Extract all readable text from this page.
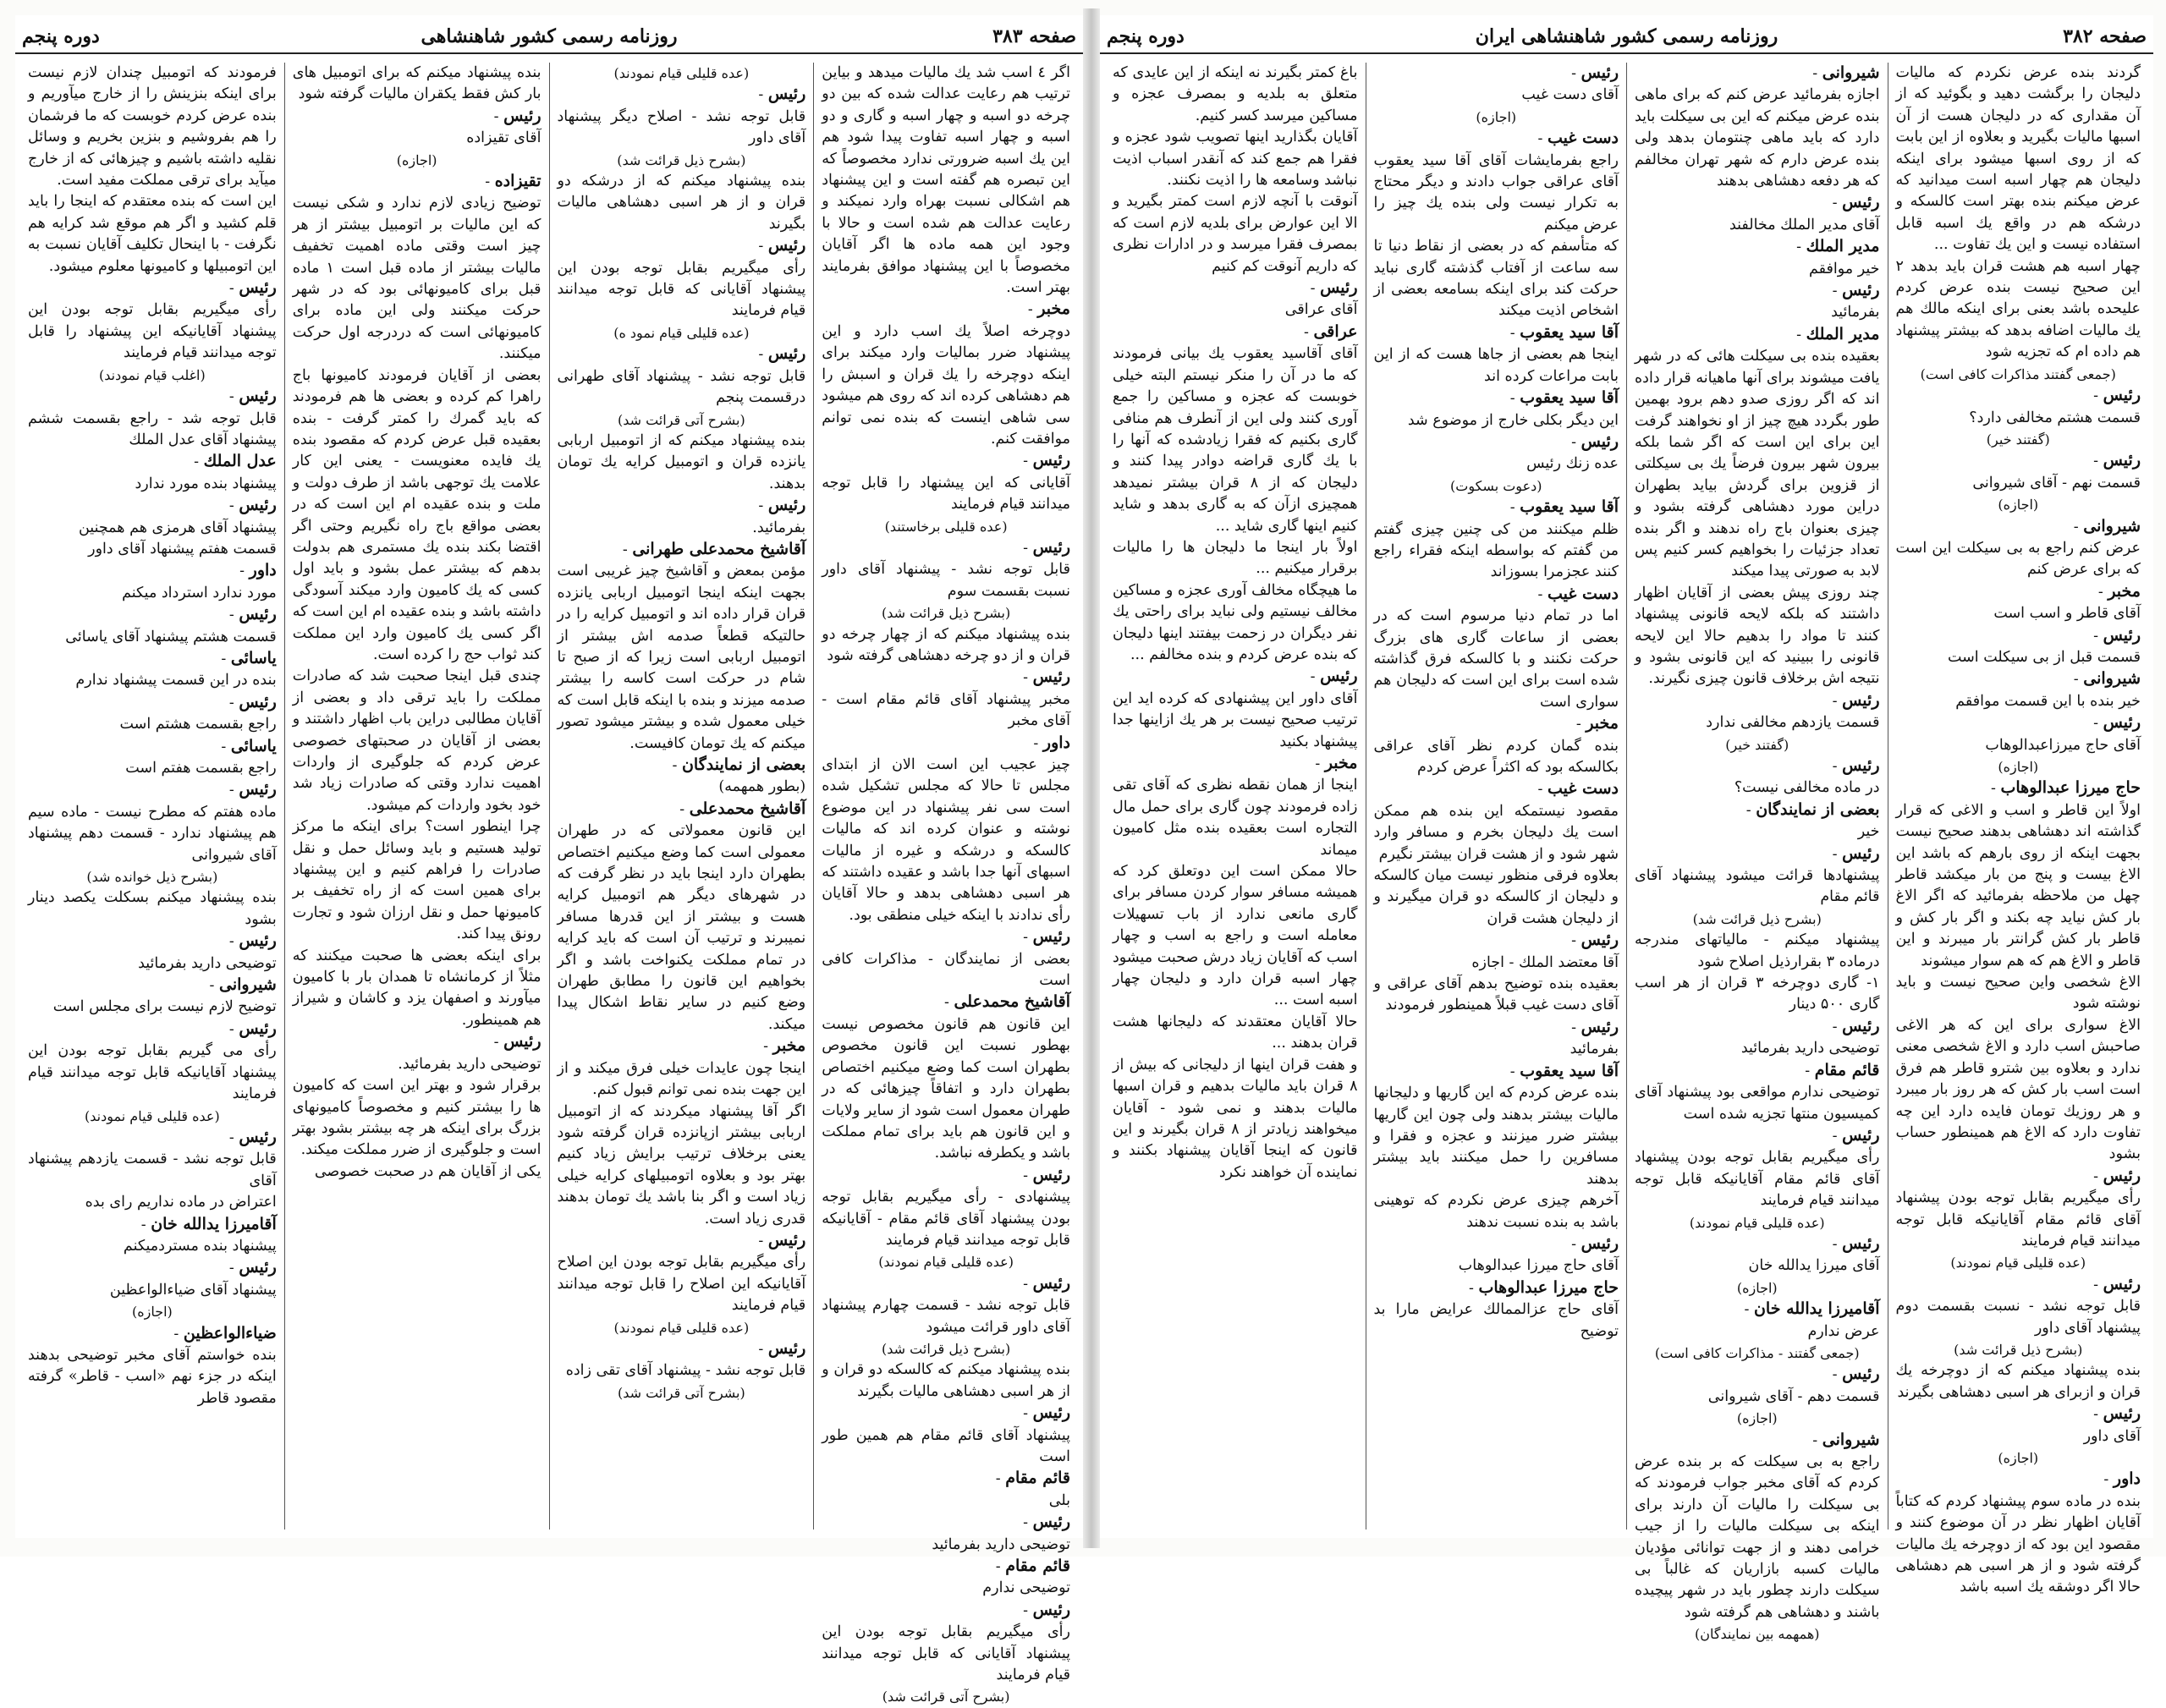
صفحه ۳۸۳
روزنامه رسمی کشور شاهنشاهی
دوره پنجم

اگر ٤ اسب شد یك مالیات میدهد و بیاین ترتیب هم رعایت عدالت شده که بین دو چرخه دو اسبه و چهار اسبه و گاری و دو اسبه و چهار اسبه تفاوت پیدا شود هم این یك اسبه ضرورتی ندارد مخصوصاً که این تبصره هم گفته است و این پیشنهاد هم اشکالی نسبت بهراه وارد نمیکند و رعایت عدالت هم شده است و حالا با وجود این همه ماده ها اگر آقایان مخصوصاً با این پیشنهاد موافق بفرمایند بهتر است.

مخبر -

دوچرخه اصلاً یك اسب دارد و این پیشنهاد ضرر بمالیات وارد میکند برای اینکه دوچرخه را یك قران و اسبش را هم دهشاهی کرده اند که روی هم میشود سی شاهی اینست که بنده نمی توانم موافقت کنم.

رئیس -

آقایانی که این پیشنهاد را قابل توجه میدانند قیام فرمایند

(عده قلیلی برخاستند)
رئیس -

قابل توجه نشد - پیشنهاد آقای داور نسبت بقسمت سوم

(بشرح ذیل قرائت شد)

بنده پیشنهاد میکنم که از چهار چرخه دو قران و از دو چرخه دهشاهی گرفته شود

رئیس -

مخبر پیشنهاد آقای قائم مقام است - آقای مخبر

داور -

چیز عجیب این است الان از ابتدای مجلس تا حالا که مجلس تشکیل شده است سی نفر پیشنهاد در این موضوع نوشته و عنوان کرده اند که مالیات کالسکه و درشکه و غیره از مالیات اسبهای آنها جدا باشد و عقیده داشتند که هر اسبی دهشاهی بدهد و حالا آقایان رأی ندادند با اینکه خیلی منطقی بود.

رئیس -

بعضی از نمایندگان - مذاکرات کافی است

آقاشیخ محمدعلی -

این قانون هم قانون مخصوص نیست بهطور نسبت این قانون مخصوص بطهران است کما وضع میکنیم اختصاص بطهران دارد و اتفاقاً چیزهائی که در طهران معمول است شود از سایر ولایات و این قانون هم باید برای تمام مملکت باشد و یکطرفه نباشد.

رئیس -

پیشنهادی - رأی میگیریم بقابل توجه بودن پیشنهاد آقای قائم مقام - آقایانیکه قابل توجه میدانند قیام فرمایند

(عده قلیلی قیام نمودند)
رئیس -

قابل توجه نشد - قسمت چهارم پیشنهاد آقای داور قرائت میشود

(بشرح ذیل قرائت شد)

بنده پیشنهاد میکنم که کالسکه دو قران و از هر اسبی دهشاهی مالیات بگیرند

رئیس -

پیشنهاد آقای قائم مقام هم همین طور است

قائم مقام -

بلی

رئیس -

توضیحی دارید بفرمائید

قائم مقام -

توضیحی ندارم

رئیس -

رأی میگیریم بقابل توجه بودن این پیشنهاد آقایانی که قابل توجه میدانند قیام فرمایند

(بشرح آتی قرائت شد)
(عده قلیلی قیام نمودند)
رئیس -

قابل توجه نشد - اصلاح دیگر پیشنهاد آقای داور

(بشرح ذیل قرائت شد)

بنده پیشنهاد میکنم که از درشکه دو قران و از هر اسبی دهشاهی مالیات بگیرند

رئیس -

رأی میگیریم بقابل توجه بودن این پیشنهاد آقایانی که قابل توجه میدانند قیام فرمایند

(عده قلیلی قیام نمود ه)
رئیس -

قابل توجه نشد - پیشنهاد آقای طهرانی درقسمت پنجم

(بشرح آتی قرائت شد)

بنده پیشنهاد میکنم که از اتومبیل اربابی یانزده قران و اتومبیل کرایه یك تومان بدهند.

رئیس -

بفرمائید.

آقاشیخ محمدعلی طهرانی -

مؤمن بمعض و آقاشیخ چیز غریبی است بجهت اینکه اینجا اتومبیل اربابی یانزده قران قرار داده اند و اتومبیل کرایه را در حالتیکه قطعاً صدمه اش بیشتر از اتومبیل اربابی است زیرا که از صبح تا شام در حرکت است کاسه را بیشتر صدمه میزند و بنده با اینکه قابل است که خیلی معمول شده و بیشتر میشود تصور میکنم که یك تومان کافیست.

بعضی از نمایندگان -

(بطور همهمه)

آقاشیخ محمدعلی -

این قانون معمولاتی که در طهران معمولی است کما وضع میکنیم اختصاص بطهران دارد اینجا باید در نظر گرفت که در شهرهای دیگر هم اتومبیل کرایه هست و بیشتر از این قدرها مسافر نمیبرند و ترتیب آن است که باید کرایه در تمام مملکت یکنواخت باشد و اگر بخواهیم این قانون را مطابق طهران وضع کنیم در سایر نقاط اشکال پیدا میکند.

مخبر -

اینجا چون عایدات خیلی فرق میکند و از این جهت بنده نمی توانم قبول کنم.

اگر آقا پیشنهاد میکردند که از اتومبیل اربابی بیشتر ازپانزده قران گرفته شود یعنی برخلاف ترتیب برایش زیاد کنیم بهتر بود و بعلاوه اتومبیلهای کرایه خیلی زیاد است و اگر بنا باشد یك تومان بدهند قدری زیاد است.

رئیس -

رأی میگیریم بقابل توجه بودن این اصلاح آقایانیکه این اصلاح را قابل توجه میدانند قیام فرمایند

(عده قلیلی قیام نمودند)
رئیس -

قابل توجه نشد - پیشنهاد آقای تقی زاده

(بشرح آتی قرائت شد)

بنده پیشنهاد میکنم که برای اتومبیل های بار کش فقط یکقران مالیات گرفته شود

رئیس -

آقای تقیزاده

(اجازه)
تقیزاده -

توضیح زیادی لازم ندارد و شکی نیست که این مالیات بر اتومبیل بیشتر از هر چیز است وقتی ماده اهمیت تخفیف مالیات بیشتر از ماده قبل است ۱ ماده قبل برای کامیونهائی بود که در شهر حرکت میکنند ولی این ماده برای کامیونهائی است که دردرجه اول حرکت میکنند.

بعضی از آقایان فرمودند کامیونها باج راهرا کم کرده و بعضی ها هم فرمودند که باید گمرك را کمتر گرفت - بنده بعقیده قبل عرض کردم که مقصود بنده یك فایده معنویست - یعنی این کار علامت یك توجهی باشد از طرف دولت و ملت و بنده عقیده ام این است که در بعضی مواقع باج راه نگیریم وحتی اگر اقتضا بکند بنده یك مستمری هم بدولت بدهم که بیشتر عمل بشود و باید اول کسی که یك کامیون وارد میکند آسودگی داشته باشد و بنده عقیده ام این است که اگر کسی یك کامیون وارد این مملکت کند ثواب حج را کرده است.

چندی قبل اینجا صحبت شد که صادرات مملکت را باید ترقی داد و بعضی از آقایان مطالبی دراین باب اظهار داشتند و بعضی از آقایان در صحبتهای خصوصی عرض کردم که جلوگیری از واردات اهمیت ندارد وقتی که صادرات زیاد شد خود بخود واردات کم میشود.

چرا اینطور است؟ برای اینکه ما مرکز تولید هستیم و باید وسائل حمل و نقل صادرات را فراهم کنیم و این پیشنهاد برای همین است که از راه تخفیف بر کامیونها حمل و نقل ارزان شود و تجارت رونق پیدا کند.

برای اینکه بعضی ها صحبت میکنند که مثلاً از کرمانشاه تا همدان بار با کامیون میآورند و اصفهان یزد و کاشان و شیراز هم همینطور.

رئیس -

توضیحی دارید بفرمائید.

برقرار شود و بهتر این است که کامیون ها را بیشتر کنیم و مخصوصاً کامیونهای بزرگ برای اینکه هر چه بیشتر بشود بهتر است و جلوگیری از ضرر مملکت میکند.

یکی از آقایان هم در صحبت خصوصی

فرمودند که اتومبیل چندان لازم نیست برای اینکه بنزینش را از خارج میآوریم و بنده عرض کردم خوبست که ما فرشمان را هم بفروشیم و بنزین بخریم و وسائل نقلیه داشته باشیم و چیزهائی که از خارج میآید برای ترقی مملکت مفید است.

این است که بنده معتقدم که اینجا را باید قلم کشید و اگر هم موقع شد کرایه هم نگرفت - با اینحال تکلیف آقایان نسبت به این اتومبیلها و کامیونها معلوم میشود.

رئیس -

رأی میگیریم بقابل توجه بودن این پیشنهاد آقایانیکه این پیشنهاد را قابل توجه میدانند قیام فرمایند

(اغلب قیام نمودند)
رئیس -

قابل توجه شد - راجع بقسمت ششم پیشنهاد آقای عدل الملك

عدل الملك -

پیشنهاد بنده مورد ندارد

رئیس -

پیشنهاد آقای هرمزی هم همچنین

قسمت هفتم پیشنهاد آقای داور

داور -

مورد ندارد استرداد میکنم

رئیس -

قسمت هشتم پیشنهاد آقای یاسائی

یاسائی -

بنده در این قسمت پیشنهاد ندارم

رئیس -

راجع بقسمت هشتم است

یاسائی -

راجع بقسمت هفتم است

رئیس -

ماده هفتم که مطرح نیست - ماده سیم هم پیشنهاد ندارد - قسمت دهم پیشنهاد آقای شیروانی

(بشرح ذیل خوانده شد)

بنده پیشنهاد میکنم بسکلت یکصد دینار بشود

رئیس -

توضیحی دارید بفرمائید

شیروانی -

توضیح لازم نیست برای مجلس است

رئیس -

رأی می گیریم بقابل توجه بودن این پیشنهاد آقایانیکه قابل توجه میدانند قیام فرمایند

(عده قلیلی قیام نمودند)
رئیس -

قابل توجه نشد - قسمت یازدهم پیشنهاد آقای

اعتراض در ماده نداریم رای بده

آقامیرزا یدالله خان -

پیشنهاد بنده مستردمیکنم

رئیس -

پیشنهاد آقای ضیاءالواعظین

(اجازه)
ضیاءالواعظین -

بنده خواستم آقای مخبر توضیحی بدهند اینکه در جزء نهم «اسب - قاطر» گرفته مقصود قاطر

صفحه ۳۸۲
روزنامه رسمی کشور شاهنشاهی ایران
دوره پنجم

گردند بنده عرض نکردم که مالیات دلیجان را برگشت دهید و بگوئید که از آن مقداری که در دلیجان هست از آن اسبها مالیات بگیرید و بعلاوه از این بابت که از روی اسبها میشود برای اینکه دلیجان هم چهار اسبه است میدانید که عرض میکنم بنده بهتر است کالسکه و درشکه هم در واقع یك اسبه قابل استفاده نیست و این یك تفاوت ...

چهار اسبه هم هشت قران باید بدهد ۲ این صحیح نیست بنده عرض کردم علیحده باشد بعنی برای اینکه مالك هم یك مالیات اضافه بدهد که بیشتر پیشنهاد هم داده ام که تجزیه شود

(جمعی گفتند مذاکرات کافی است)
رئیس -

قسمت هشتم مخالفی دارد؟

(گفتند خیر)
رئیس -

قسمت نهم - آقای شیروانی

(اجازه)
شیروانی -

عرض کنم راجع به بی سیکلت این است که برای عرض کنم

مخبر -

آقای قاطر و اسب است

رئیس -

قسمت قبل از بی سیکلت است

شیروانی -

خیر بنده با این قسمت موافقم

رئیس -

آقای حاج میرزاعبدالوهاب

(اجازه)
حاج میرزا عبدالوهاب -

اولاً این قاطر و اسب و الاغی که قرار گذاشته اند دهشاهی بدهند صحیح نیست بجهت اینکه از روی بارهم که باشد این الاغ بیست و پنج من بار میکشد قاطر چهل من ملاحظه بفرمائید که اگر الاغ بار کش نیاید چه بکند و اگر بار کش و قاطر بار کش گرانتر بار میبرند و این قاطر و الاغ هم که هم سوار میشوند

الاغ شخصی واین صحیح نیست و باید نوشته شود

الاغ سواری برای این که هر الاغی صاحبش اسب دارد و الاغ شخصی معنی ندارد و بعلاوه بین شترو قاطر هم فرق است اسب بار کش که هر روز بار میبرد و هر روزیك تومان فایده دارد این چه تفاوت دارد که الاغ هم همینطور حساب بشود

رئیس -

رأی میگیریم بقابل توجه بودن پیشنهاد آقای قائم مقام آقایانیکه قابل توجه میدانند قیام فرمایند

(عده قلیلی قیام نمودند)
رئیس -

قابل توجه نشد - نسبت بقسمت دوم پیشنهاد آقای داور

(بشرح ذیل قرائت شد)

بنده پیشنهاد میکنم که از دوچرخه یك قران و ازبرای هر اسبی دهشاهی بگیرند

رئیس -

آقای داور

(اجازه)
داور -

بنده در ماده سوم پیشنهاد کردم که کتاباً آقایان اظهار نظر در آن موضوع کنند و مقصود این بود که از دوچرخه یك مالیات گرفته شود و از هر اسبی هم دهشاهی حالا اگر دوشقه یك اسبه باشد

شیروانی -

اجازه بفرمائید عرض کنم که برای ماهی بنده عرض میکنم که این بی سیکلت باید دارد که باید ماهی چنتومان بدهد ولی بنده عرض دارم که شهر تهران مخالفم که هر دفعه دهشاهی بدهند

رئیس -

آقای مدیر الملك مخالفند

مدیر الملك -

خیر موافقم

رئیس -

بفرمائید

مدیر الملك -

بعقیده بنده بی سیکلت هائی که در شهر یافت میشوند برای آنها ماهیانه قرار داده اند که اگر روزی صدو دهم برود بهمین طور بگردد هیچ چیز از او نخواهند گرفت این برای این است که اگر شما بلکه بیرون شهر بیرون فرضاً یك بی سیکلتی از قزوین برای گردش بیاید بطهران دراین مورد دهشاهی گرفته بشود و چیزی بعنوان باج راه ندهند و اگر بنده تعداد جزئیات را بخواهیم کسر کنیم پس لابد به صورتی پیدا میکند

چند روزی پیش بعضی از آقایان اظهار داشتند که بلکه لایحه قانونی پیشنهاد کنند تا مواد را بدهیم حالا این لایحه قانونی را ببینید که این قانونی بشود و نتیجه اش برخلاف قانون چیزی نگیرند.

رئیس -

قسمت یازدهم مخالفی ندارد

(گفتند خیر)
رئیس -

در ماده مخالفی نیست؟

بعضی از نمایندگان -

خیر

رئیس -

پیشنهادها قرائت میشود پیشنهاد آقای قائم مقام

(بشرح ذیل قرائت شد)

پیشنهاد میکنم - مالیاتهای مندرجه درماده ۳ بقرارذیل اصلاح شود

۱- گاری دوچرخه ۳ قران از هر اسب گاری ۵۰۰ دینار

رئیس -

توضیحی دارید بفرمائید

قائم مقام -

توضیحی ندارم مواقعی بود پیشنهاد آقای کمیسیون منتها تجزیه شده است

رئیس -

رأی میگیریم بقابل توجه بودن پیشنهاد آقای قائم مقام آقایانیکه قابل توجه میدانند قیام فرمایند

(عده قلیلی قیام نمودند)
رئیس -

آقای میرزا یدالله خان

(اجازه)
آقامیرزا یدالله خان -

عرض ندارم

(جمعی گفتند - مذاکرات کافی است)
رئیس -

قسمت دهم - آقای شیروانی

(اجازه)
شیروانی -

راجع به بی سیکلت که بر بنده عرض کردم که آقای مخبر جواب فرمودند که بی سیکلت را مالیات آن دارند برای اینکه بی سیکلت مالیات را از جیب خرامی دهند و از جهت توانائی مؤدیان مالیات کسبه بازاریان که غالباً بی سیکلت دارند چطور باید در شهر پیچیده باشند و دهشاهی هم گرفته شود

(همهمه بین نمایندگان)
رئیس -

آقای دست غیب

(اجازه)
دست غیب -

راجع بفرمایشات آقای آقا سید یعقوب آقای عراقی جواب دادند و دیگر محتاج به تکرار نیست ولی بنده یك چیز را عرض میکنم

که متأسفم که در بعضی از نقاط دنیا تا سه ساعت از آفتاب گذشته گاری نباید حرکت کند برای اینکه بسامعه بعضی از اشخاص اذیت میکند

آقا سید یعقوب -

اینجا هم بعضی از جاها هست که از این بابت مراعات کرده اند

آقا سید یعقوب -

این دیگر بکلی خارج از موضوع شد

رئیس -

عده زنك رئیس

(دعوت بسکوت)
آقا سید یعقوب -

ظلم میکنند من کی چنین چیزی گفتم من گفتم که بواسطه اینکه فقراء راجع کنند عجزمرا بسوزاند

دست غیب -

اما در تمام دنیا مرسوم است که در بعضی از ساعات گاری های بزرگ حرکت نکنند و با کالسکه فرق گذاشته شده است برای این است که دلیجان هم سواری است

مخبر -

بنده گمان کردم نظر آقای عراقی بکالسکه بود که اکثراً عرض کردم

دست غیب -

مقصود نیستمکه این بنده هم ممکن است یك دلیجان بخرم و مسافر وارد شهر شود و از هشت قران بیشتر نگیرم

بعلاوه فرقی منظور نیست میان کالسکه و دلیجان از کالسکه دو قران میگیرند و از دلیجان هشت قران

رئیس -

آقا معتضد الملك - اجازه

بعقیده بنده توضیح بدهم آقای عراقی و آقای دست غیب قبلاً همینطور فرمودند

رئیس -

بفرمائید

آقا سید یعقوب -

بنده عرض کردم که این گاریها و دلیجانها مالیات بیشتر بدهند ولی چون این گاریها بیشتر ضرر میزنند و عجزه و فقرا و مسافرین را حمل میکنند باید بیشتر بدهند

آخرهم چیزی عرض نکردم که توهینی باشد به بنده نسبت ندهند

رئیس -

آقای حاج میرزا عبدالوهاب

حاج میرزا عبدالوهاب -

آقای حاج عزالممالك عرایض مارا بد توضیح

باغ کمتر بگیرند نه اینکه از این عایدی که متعلق به بلدیه و بمصرف عجزه و مساکین میرسد کسر کنیم.

آقایان بگذارید اینها تصویب شود عجزه و فقرا هم جمع کند که آنقدر اسباب اذیت نباشد وسامعه ها را اذیت نکنند.

آنوقت با آنچه لازم است کمتر بگیرید و الا این عوارض برای بلدیه لازم است که بمصرف فقرا میرسد و در ادارات نظری که داریم آنوقت کم کنیم

رئیس -

آقای عراقی

عراقی -

آقای آقاسید یعقوب یك بیانی فرمودند که ما در آن را منکر نیستم البته خیلی خوبست که عجزه و مساکین را جمع آوری کنند ولی این از آنطرف هم منافی گاری بکنیم که فقرا زیادشده که آنها را با یك گاری قراضه دوادر پیدا کنند و دلیجان که از ۸ قران بیشتر نمیدهد همچیزی ازآن که به گاری بدهد و شاید کنیم اینها گاری شاید ...

اولاً بار اینجا ما دلیجان ها را مالیات برقرار میکنیم ...

ما هیچگاه مخالف آوری عجزه و مساکین مخالف نیستیم ولی نباید برای راحتی یك نفر دیگران در زحمت بیفتند اینها دلیجان که بنده عرض کردم و بنده مخالفم ...

رئیس -

آقای داور این پیشنهادی که کرده اید این ترتیب صحیح نیست بر هر یك ازاینها جدا پیشنهاد بکنید

مخبر -

اینجا از همان نقطه نظری که آقای تقی زاده فرمودند چون گاری برای حمل مال التجاره است بعقیده بنده مثل کامیون میماند

حالا ممکن است این دوتعلق کرد که همیشه مسافر سوار کردن مسافر برای گاری مانعی ندارد از باب تسهیلات معامله است و راجع به اسب و چهار اسب که آقایان زیاد درش صحبت میشود چهار اسبه قران دارد و دلیجان چهار اسبه است ...

حالا آقایان معتقدند که دلیجانها هشت قران بدهند ...

و هفت قران اینها از دلیجانی که بیش از ۸ قران باید مالیات بدهیم و قران اسبها مالیات بدهند و نمی شود - آقایان میخواهند زیادتر از ۸ قران بگیرند و این قانون که اینجا آقایان پیشنهاد بکنند و نماینده آن خواهند نکرد
